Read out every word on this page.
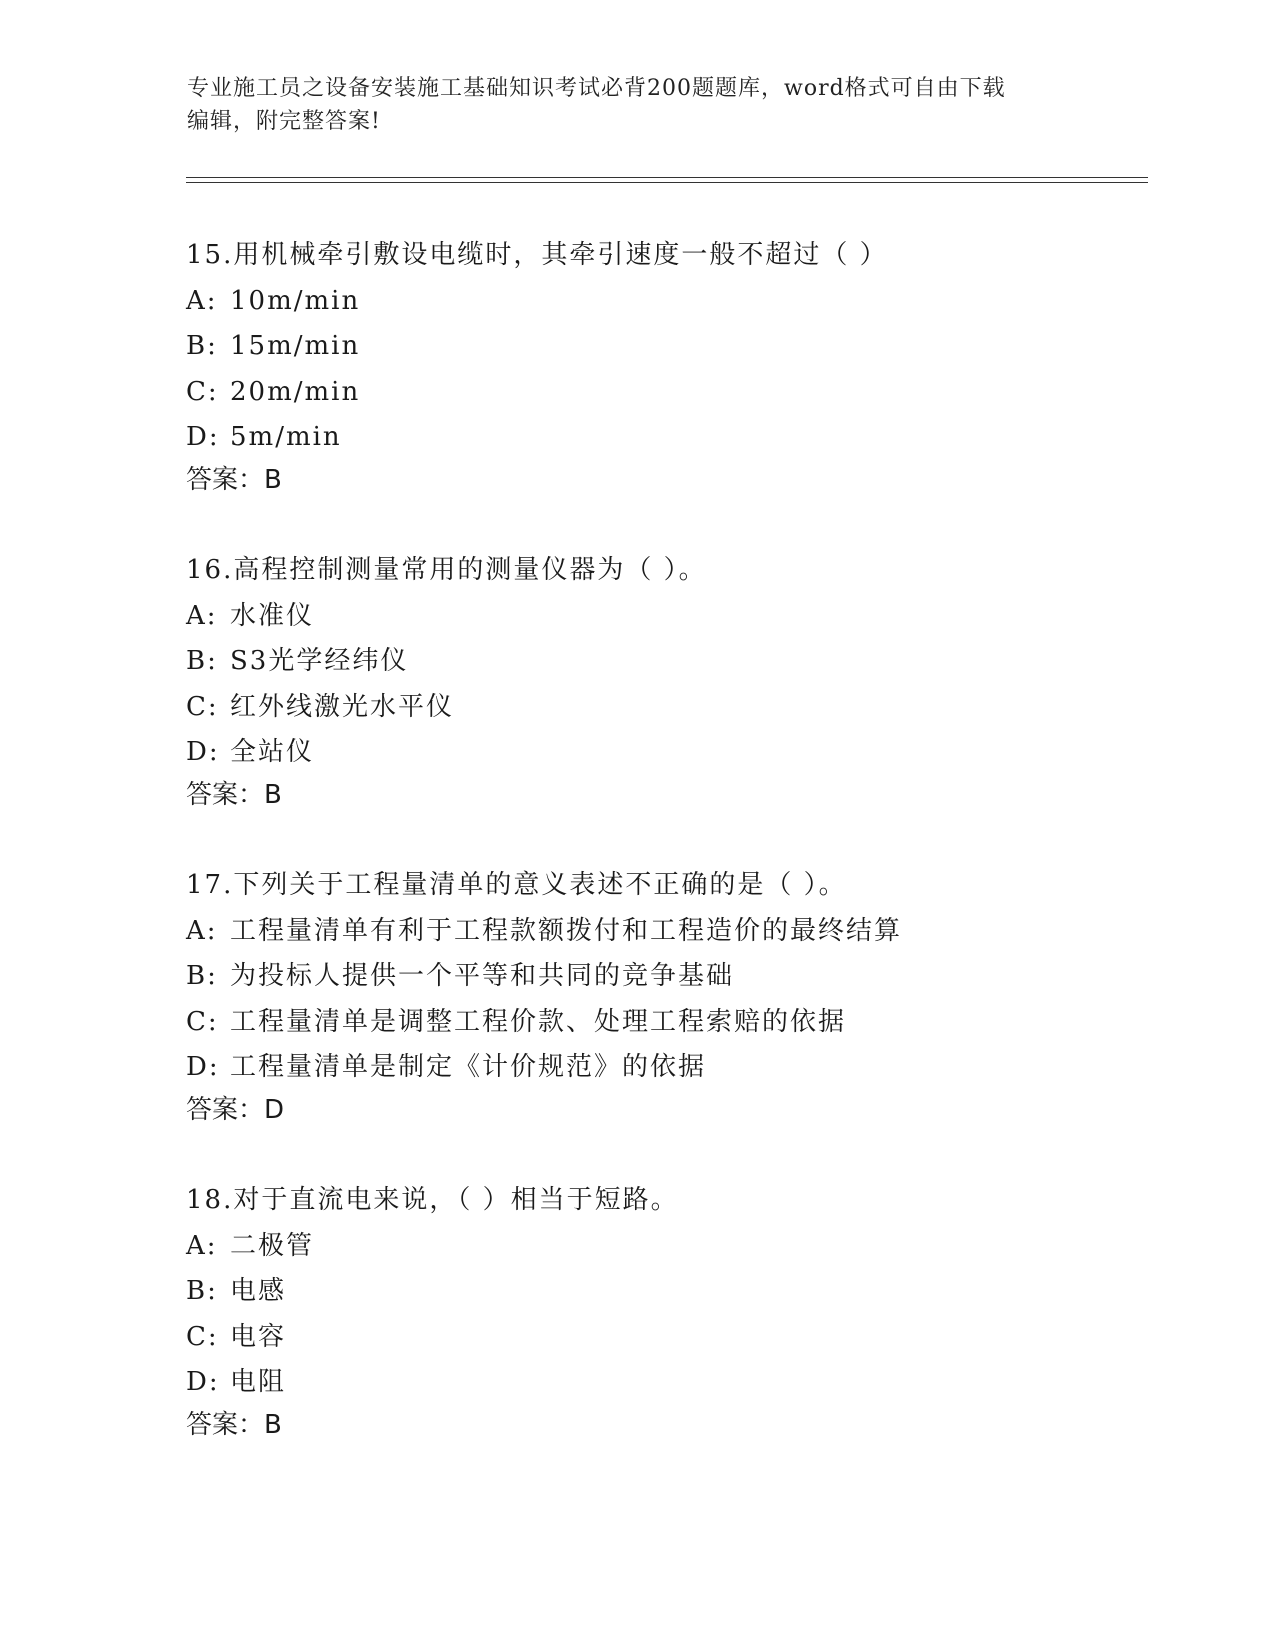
专业施工员之设备安装施工基础知识考试必背200题题库，word格式可自由下载
编辑，附完整答案!
15.用机械牵引敷设电缆时，其牵引速度一般不超过（ ）
A: 10m/min
B: 15m/min
C: 20m/min
D: 5m/min
答案：B
16.高程控制测量常用的测量仪器为（ ）。
A: 水准仪
B: S3光学经纬仪
C: 红外线激光水平仪
D: 全站仪
答案：B
17.下列关于工程量清单的意义表述不正确的是（ ）。
A: 工程量清单有利于工程款额拨付和工程造价的最终结算
B: 为投标人提供一个平等和共同的竞争基础
C: 工程量清单是调整工程价款、处理工程索赔的依据
D: 工程量清单是制定《计价规范》的依据
答案：D
18.对于直流电来说，（ ）相当于短路。
A: 二极管
B: 电感
C: 电容
D: 电阻
答案：B
